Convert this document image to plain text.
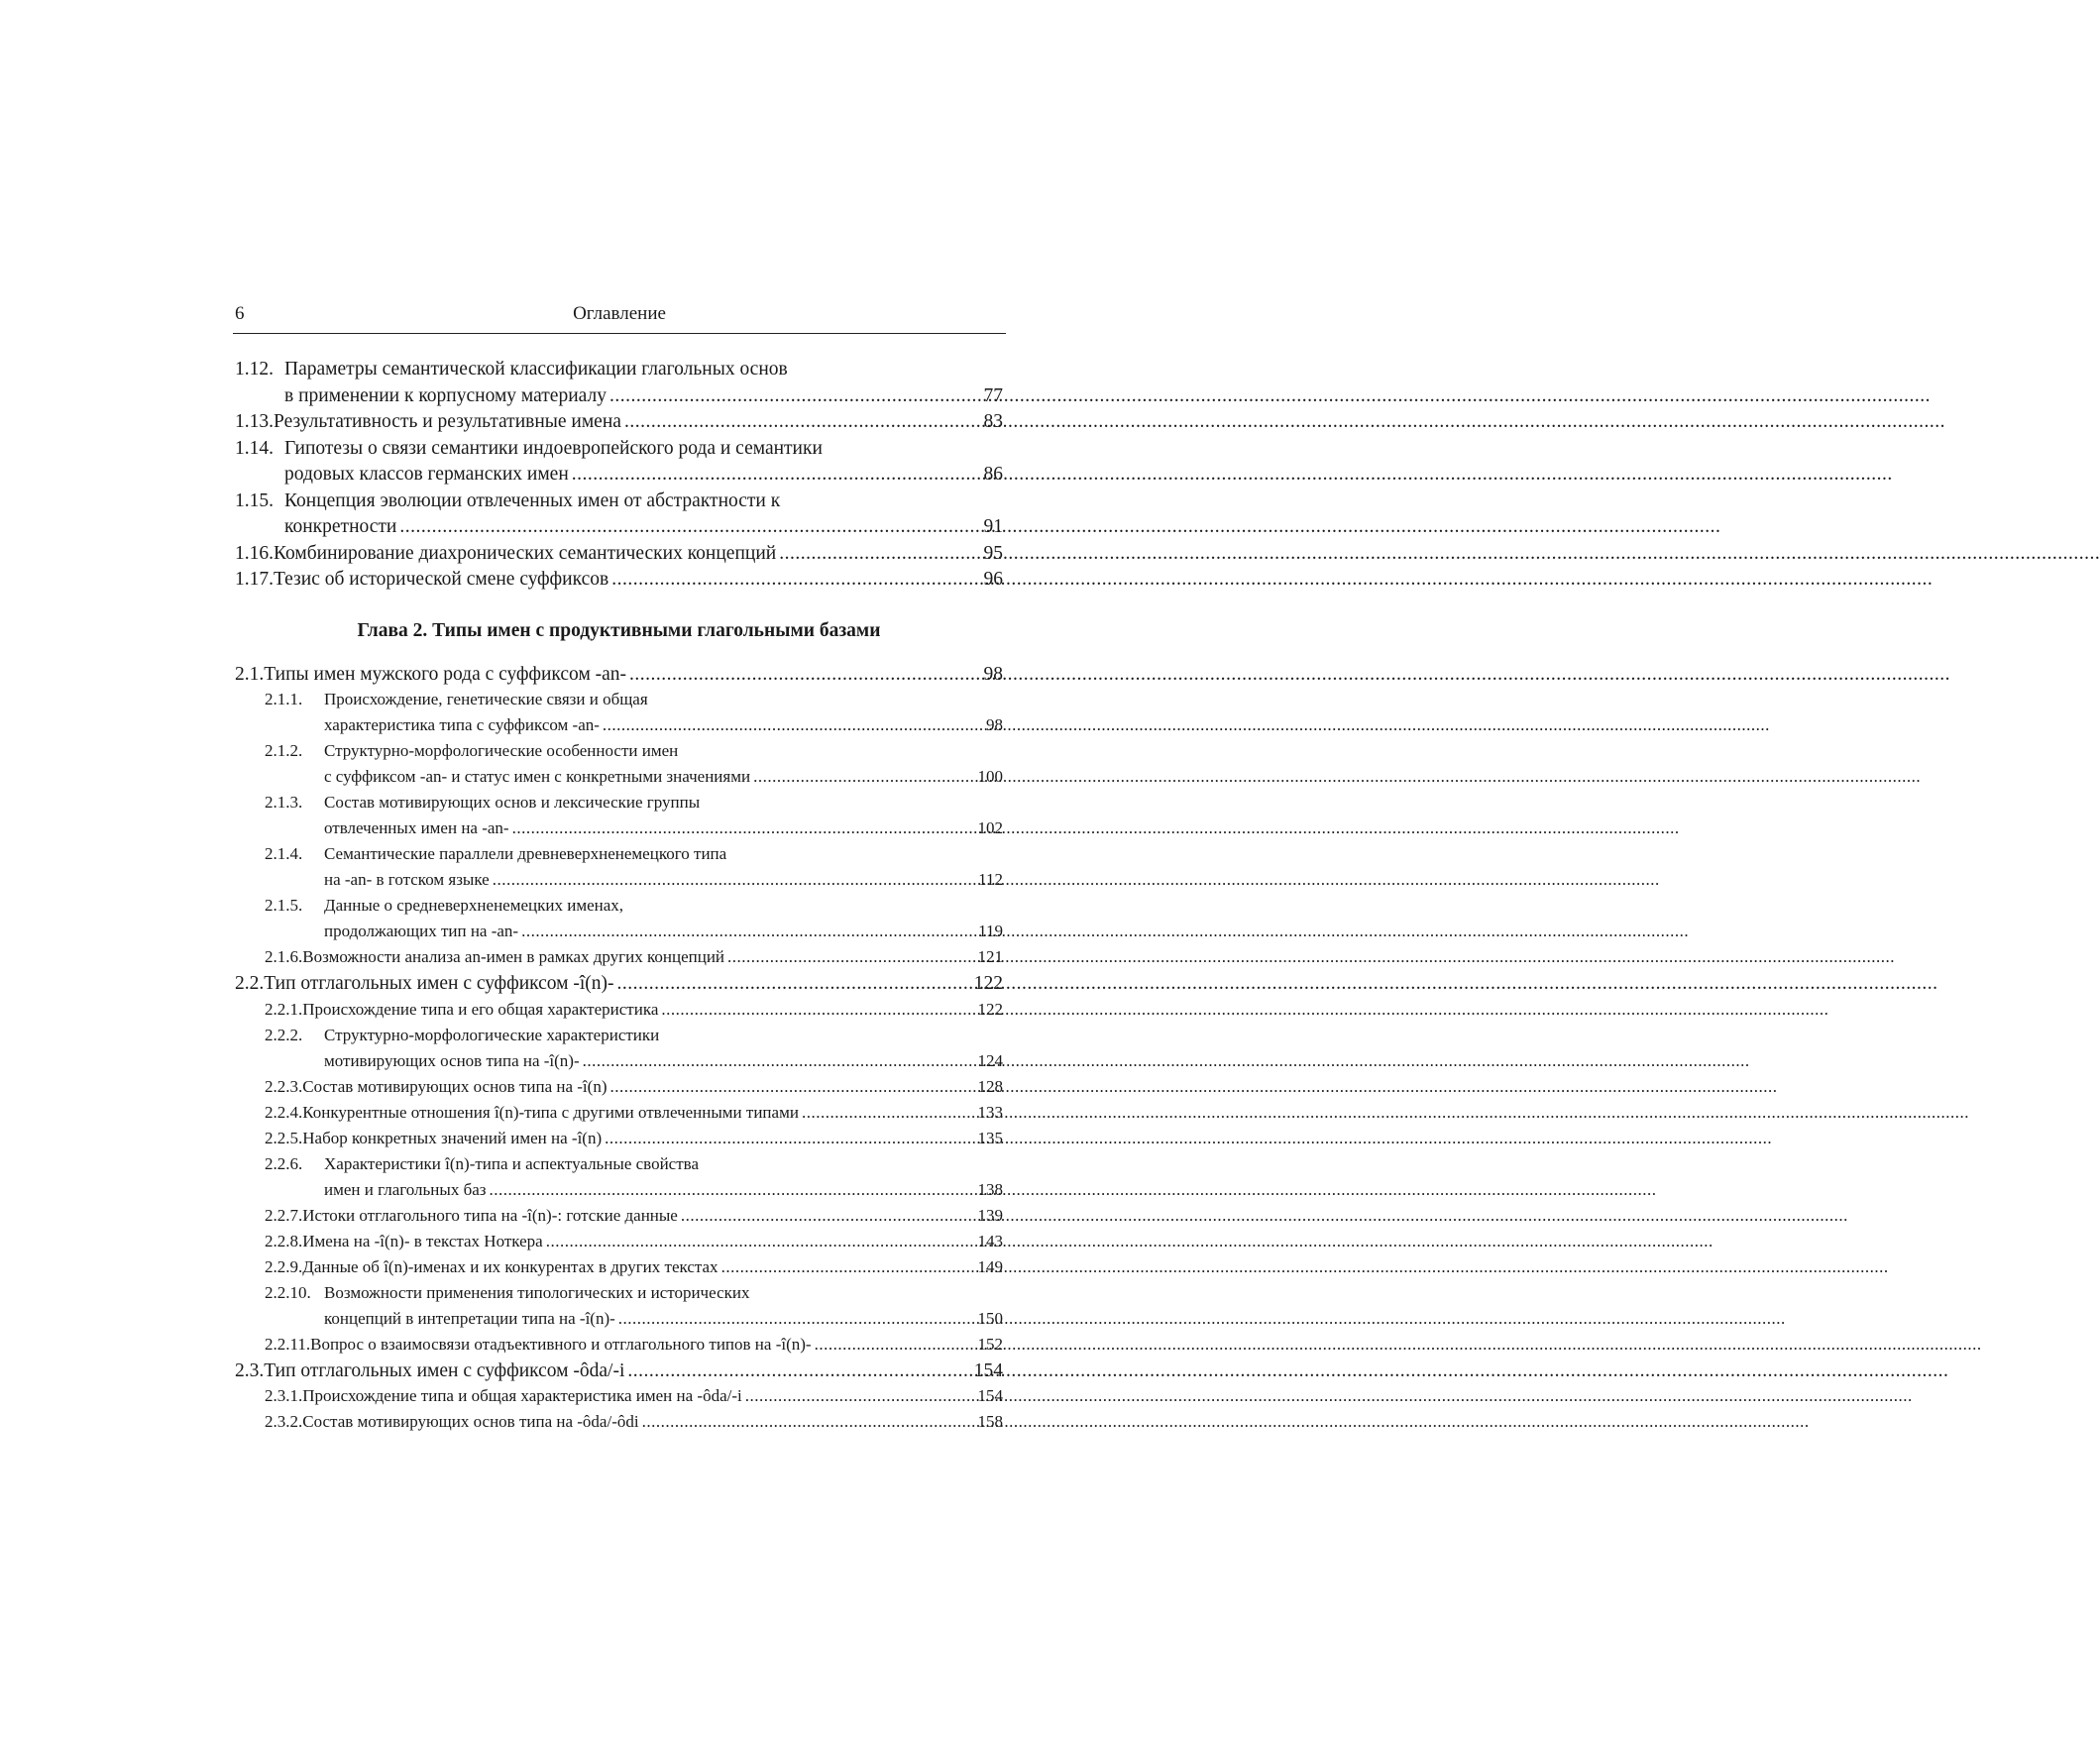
6	Оглавление
1.12. Параметры семантической классификации глагольных основ
в применении к корпусному материалу .....	77
1.13. Результативность и результативные имена .....	83
1.14. Гипотезы о связи семантики индоевропейского рода и семантики
родовых классов германских имен .....	86
1.15. Концепция эволюции отвлеченных имен от абстрактности к
конкретности .....	91
1.16. Комбинирование диахронических семантических концепций .....	95
1.17. Тезис об исторической смене суффиксов .....	96
Глава 2. Типы имен с продуктивными глагольными базами
2.1. Типы имен мужского рода с суффиксом -an- .....	98
2.1.1.	Происхождение, генетические связи и общая
характеристика типа с суффиксом -an- .....	98
2.1.2.	Структурно-морфологические особенности имен
с суффиксом -an- и статус имен с конкретными значениями .....	100
2.1.3.	Состав мотивирующих основ и лексические группы
отвлеченных имен на -an- .....	102
2.1.4.	Семантические параллели древневерхненемецкого типа
на -an- в готском языке .....	112
2.1.5.	Данные о средневерхненемецких именах,
продолжающих тип на -an- .....	119
2.1.6. Возможности анализа an-имен в рамках других концепций .....	121
2.2. Тип отглагольных имен с суффиксом -î(n)- .....	122
2.2.1. Происхождение типа и его общая характеристика .....	122
2.2.2.	Структурно-морфологические характеристики
мотивирующих основ типа на -î(n)- .....	124
2.2.3. Состав мотивирующих основ типа на -î(n) .....	128
2.2.4. Конкурентные отношения î(n)-типа с другими отвлеченными типами .....	133
2.2.5. Набор конкретных значений имен на -î(n) .....	135
2.2.6.	Характеристики î(n)-типа и аспектуальные свойства
имен и глагольных баз .....	138
2.2.7. Истоки отглагольного типа на -î(n)-: готские данные .....	139
2.2.8. Имена на -î(n)- в текстах Ноткера .....	143
2.2.9. Данные об î(n)-именах и их конкурентах в других текстах .....	149
2.2.10. Возможности применения типологических и исторических
концепций в интепретации типа на -î(n)- .....	150
2.2.11. Вопрос о взаимосвязи отадъективного и отглагольного типов на -î(n)- .....	152
2.3. Тип отглагольных имен с суффиксом -ôda/-i .....	154
2.3.1. Происхождение типа и общая характеристика имен на -ôda/-i .....	154
2.3.2. Состав мотивирующих основ типа на -ôda/-ôdi .....	158
